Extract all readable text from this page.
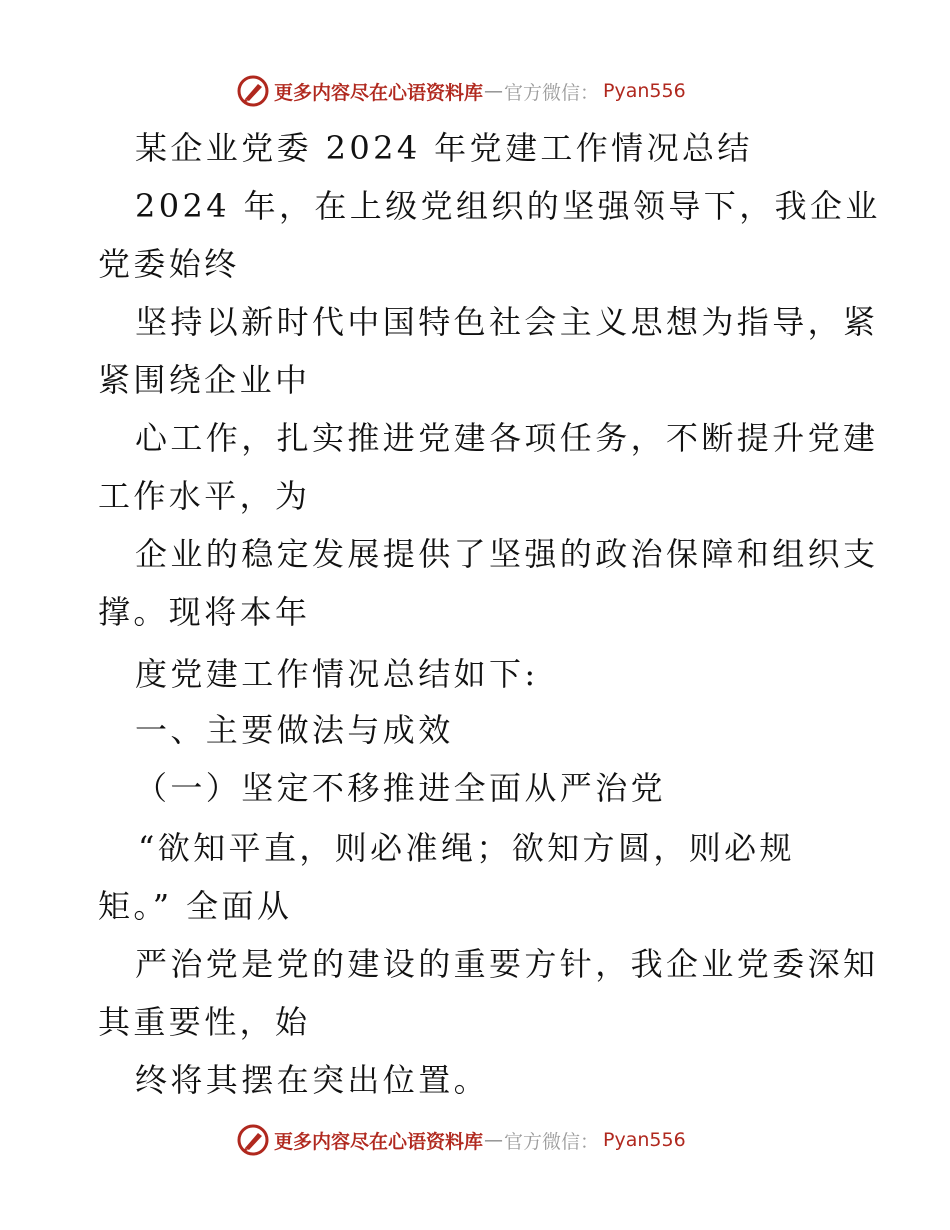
更多内容尽在心语资料库 — 官方微信： Pyan556
某企业党委 2024 年党建工作情况总结
2024 年，在上级党组织的坚强领导下，我企业
党委始终
坚持以新时代中国特色社会主义思想为指导，紧
紧围绕企业中
心工作，扎实推进党建各项任务，不断提升党建
工作水平，为
企业的稳定发展提供了坚强的政治保障和组织支
撑。现将本年
度党建工作情况总结如下:
一、主要做法与成效
（一）坚定不移推进全面从严治党
“欲知平直，则必准绳；欲知方圆，则必规
矩。” 全面从
严治党是党的建设的重要方针，我企业党委深知
其重要性，始
终将其摆在突出位置。
更多内容尽在心语资料库 — 官方微信： Pyan556
